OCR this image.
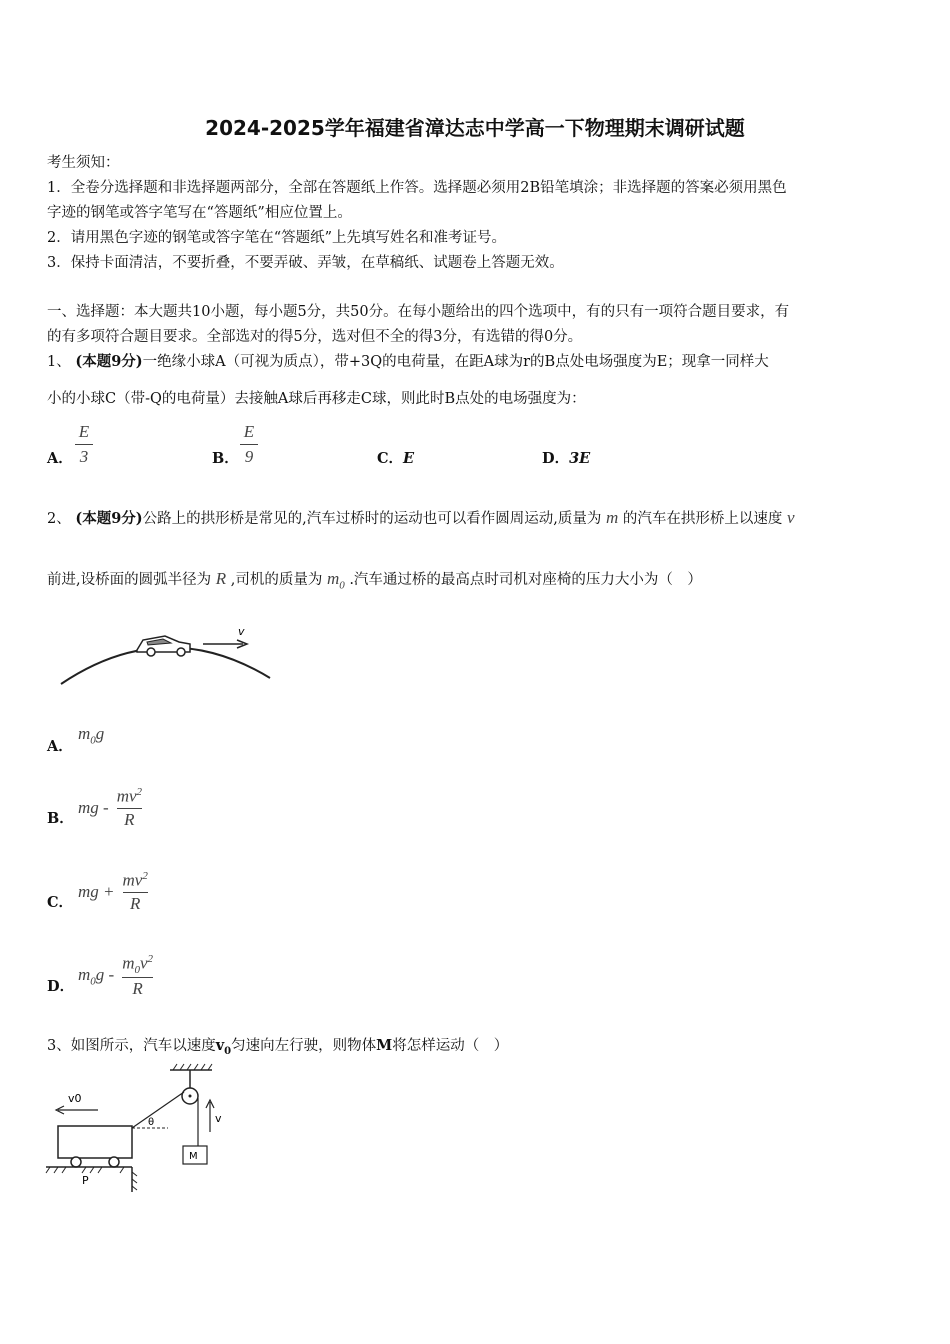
2024-2025学年福建省漳达志中学高一下物理期末调研试题
考生须知：
1．全卷分选择题和非选择题两部分，全部在答题纸上作答。选择题必须用2B铅笔填涂；非选择题的答案必须用黑色
字迹的钢笔或答字笔写在“答题纸”相应位置上。
2．请用黑色字迹的钢笔或答字笔在“答题纸”上先填写姓名和准考证号。
3．保持卡面清洁，不要折叠，不要弄破、弄皱，在草稿纸、试题卷上答题无效。
一、选择题：本大题共10小题，每小题5分，共50分。在每小题给出的四个选项中，有的只有一项符合题目要求，有
的有多项符合题目要求。全部选对的得5分，选对但不全的得3分，有选错的得0分。
1、 (本题9分)一绝缘小球A（可视为质点），带+3Q的电荷量，在距A球为r的B点处电场强度为E；现拿一同样大
小的小球C（带-Q的电荷量）去接触A球后再移走C球，则此时B点处的电场强度为：
A．
E
3	B．
E
9	C．E	D．3E
2、 (本题9分)公路上的拱形桥是常见的,汽车过桥时的运动也可以看作圆周运动,质量为 m 的汽车在拱形桥上以速度 v
前进,设桥面的圆弧半径为 R ,司机的质量为 $m_0$ .汽车通过桥的最高点时司机对座椅的压力大小为（　）
v
A．
$m_0g$
B．
mg -
$mv^2$
R
C．
mg +
$mv^2$
R
D．
$m_0g$ -
$m_0v^2$
R
3、如图所示，汽车以速度$v_0$匀速向左行驶，则物体M将怎样运动（　）
M
v
θ
v0
P
